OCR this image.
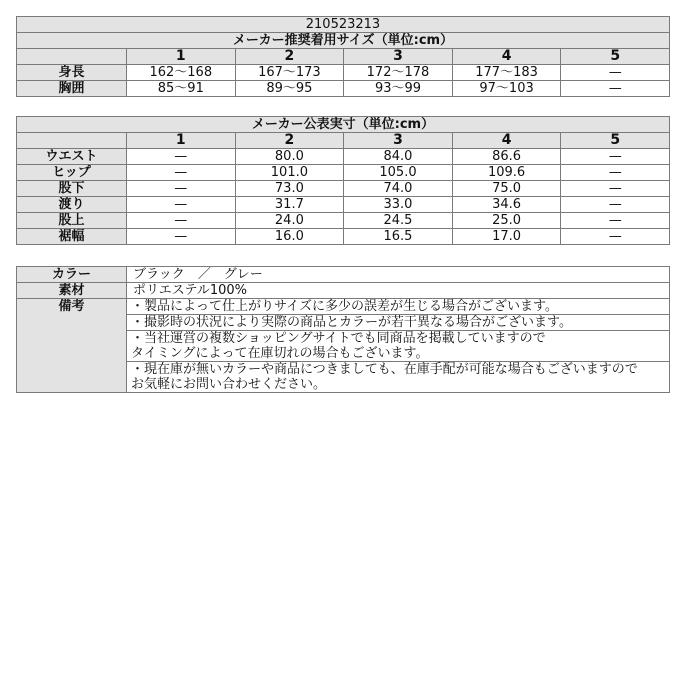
210523213					
メーカー推奨着用サイズ（単位:cm）					
	1	2	3	4	5
身長	162～168	167～173	172～178	177～183	—
胸囲	85～91	89～95	93～99	97～103	—
メーカー公表実寸（単位:cm）					
	1	2	3	4	5
ウエスト	—	80.0	84.0	86.6	—
ヒップ	—	101.0	105.0	109.6	—
股下	—	73.0	74.0	75.0	—
渡り	—	31.7	33.0	34.6	—
股上	—	24.0	24.5	25.0	—
裾幅	—	16.0	16.5	17.0	—
カラー	ブラック　／　グレー
素材	ポリエステル100%
備考	・製品によって仕上がりサイズに多少の誤差が生じる場合がございます。
	・撮影時の状況により実際の商品とカラーが若干異なる場合がございます。
	・当社運営の複数ショッピングサイトでも同商品を掲載していますので
タイミングによって在庫切れの場合もございます。
	・現在庫が無いカラーや商品につきましても、在庫手配が可能な場合もございますので
お気軽にお問い合わせください。
